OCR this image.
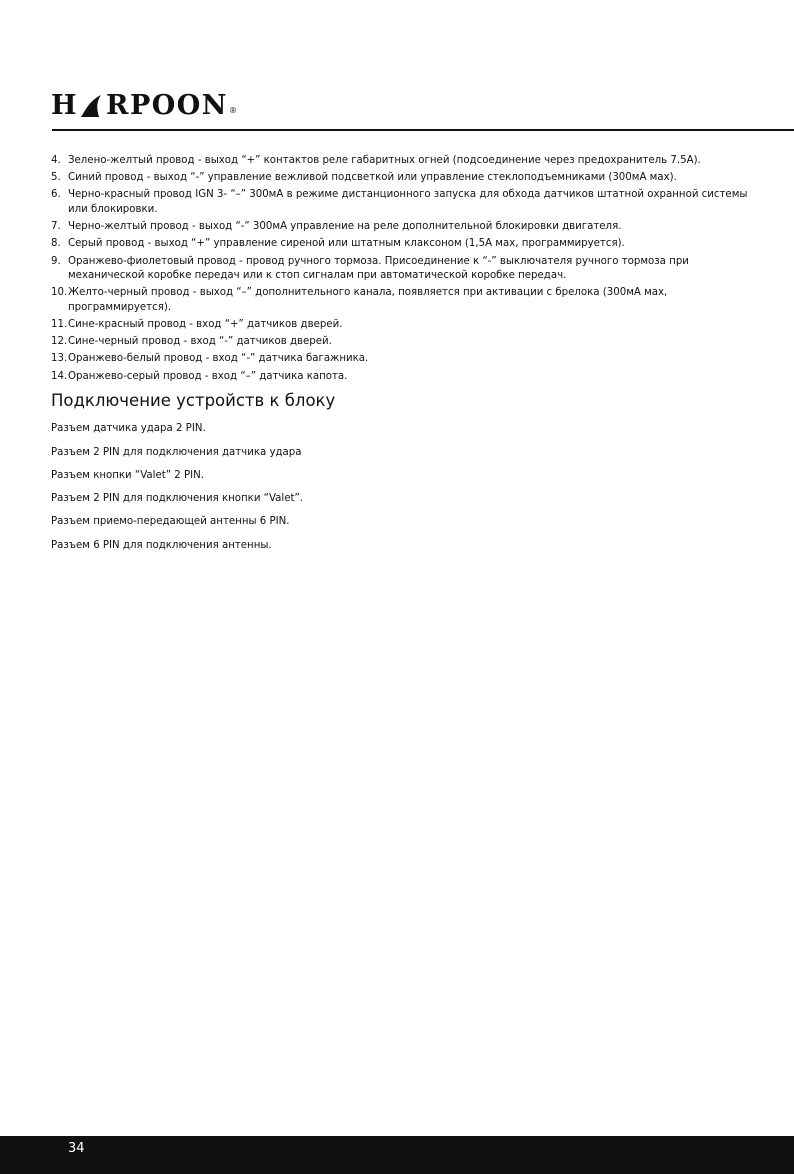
H RPOON ®
4. Зелено-желтый провод - выход “+” контактов реле габаритных огней (подсоединение через предохранитель 7.5A).
5. Синий провод - выход “-” управление вежливой подсветкой или управление стеклоподъемниками (300мА мах).
6. Черно-красный провод IGN 3- “–” 300мА в режиме дистанционного запуска для обхода датчиков штатной охранной системы или блокировки.
7. Черно-желтый провод - выход “-” 300мА управление на реле дополнительной блокировки двигателя.
8. Серый провод - выход “+” управление сиреной или штатным клаксоном (1,5А мах, программируется).
9. Оранжево-фиолетовый провод - провод ручного тормоза. Присоединение к “-” выключателя ручного тормоза при механической коробке передач или к стоп сигналам при автоматической коробке передач.
10. Желто-черный провод - выход “–” дополнительного канала, появляется при активации с брелока (300мА мах, программируется).
11. Сине-красный провод - вход “+” датчиков дверей.
12. Сине-черный провод - вход “-” датчиков дверей.
13. Оранжево-белый провод - вход “-” датчика багажника.
14. Оранжево-серый провод - вход “–” датчика капота.
Подключение устройств к блоку

Разъем датчика удара 2 PIN.

Разъем 2 PIN для подключения датчика удара

Разъем кнопки “Valet” 2 PIN.

Разъем 2 PIN для подключения кнопки “Valet”.

Разъем приемо-передающей антенны 6 PIN.

Разъем 6 PIN для подключения антенны.

34
